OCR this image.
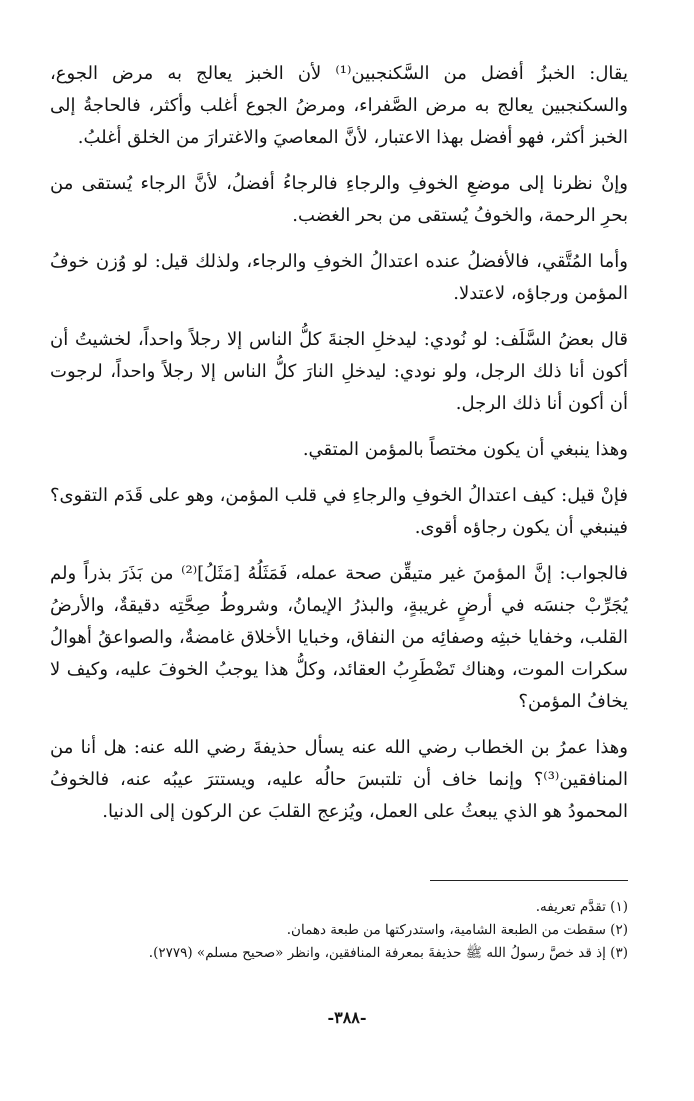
يقال: الخبزُ أفضل من السَّكنجبين⁽¹⁾ لأن الخبز يعالج به مرض الجوع، والسكنجبين يعالج به مرض الصَّفراء، ومرضُ الجوع أغلب وأكثر، فالحاجةُ إلى الخبز أكثر، فهو أفضل بهذا الاعتبار، لأنَّ المعاصيَ والاغترارَ من الخلق أغلبُ.

وإنْ نظرنا إلى موضعِ الخوفِ والرجاءِ فالرجاءُ أفضلُ، لأنَّ الرجاء يُستقى من بحرِ الرحمة، والخوفُ يُستقى من بحر الغضب.

وأما المُتَّقي، فالأفضلُ عنده اعتدالُ الخوفِ والرجاء، ولذلك قيل: لو وُزن خوفُ المؤمن ورجاؤه، لاعتدلا.

قال بعضُ السَّلَف: لو نُودي: ليدخلِ الجنةَ كلُّ الناس إلا رجلاً واحداً، لخشيتُ أن أكون أنا ذلك الرجل، ولو نودي: ليدخلِ النارَ كلُّ الناس إلا رجلاً واحداً، لرجوت أن أكون أنا ذلك الرجل.

وهذا ينبغي أن يكون مختصاً بالمؤمن المتقي.

فإنْ قيل: كيف اعتدالُ الخوفِ والرجاءِ في قلب المؤمن، وهو على قَدَم التقوى؟ فينبغي أن يكون رجاؤه أقوى.

فالجواب: إنَّ المؤمنَ غير متيقِّن صحة عمله، فَمَثَلُهُ [مَثَلُ]⁽²⁾ من بَذَرَ بذراً ولم يُجَرِّبْ جنسَه في أرضٍ غريبةٍ، والبذرُ الإيمانُ، وشروطُ صِحَّتِه دقيقةٌ، والأرضُ القلب، وخفايا خبثِه وصفائِه من النفاق، وخبايا الأخلاق غامضةٌ، والصواعقُ أهوالُ سكرات الموت، وهناك تَضْطَرِبُ العقائد، وكلُّ هذا يوجبُ الخوفَ عليه، وكيف لا يخافُ المؤمن؟

وهذا عمرُ بن الخطاب رضي الله عنه يسأل حذيفةَ رضي الله عنه: هل أنا من المنافقين⁽³⁾؟ وإنما خاف أن تلتبسَ حالُه عليه، ويستترَ عيبُه عنه، فالخوفُ المحمودُ هو الذي يبعثُ على العمل، ويُزعج القلبَ عن الركون إلى الدنيا.

(١) تقدَّم تعريفه.

(٢) سقطت من الطبعة الشامية، واستدركتها من طبعة دهمان.

(٣) إذ قد خصَّ رسولُ الله ﷺ حذيفةَ بمعرفة المنافقين، وانظر «صحيح مسلم» (٢٧٧٩).

-٣٨٨-
